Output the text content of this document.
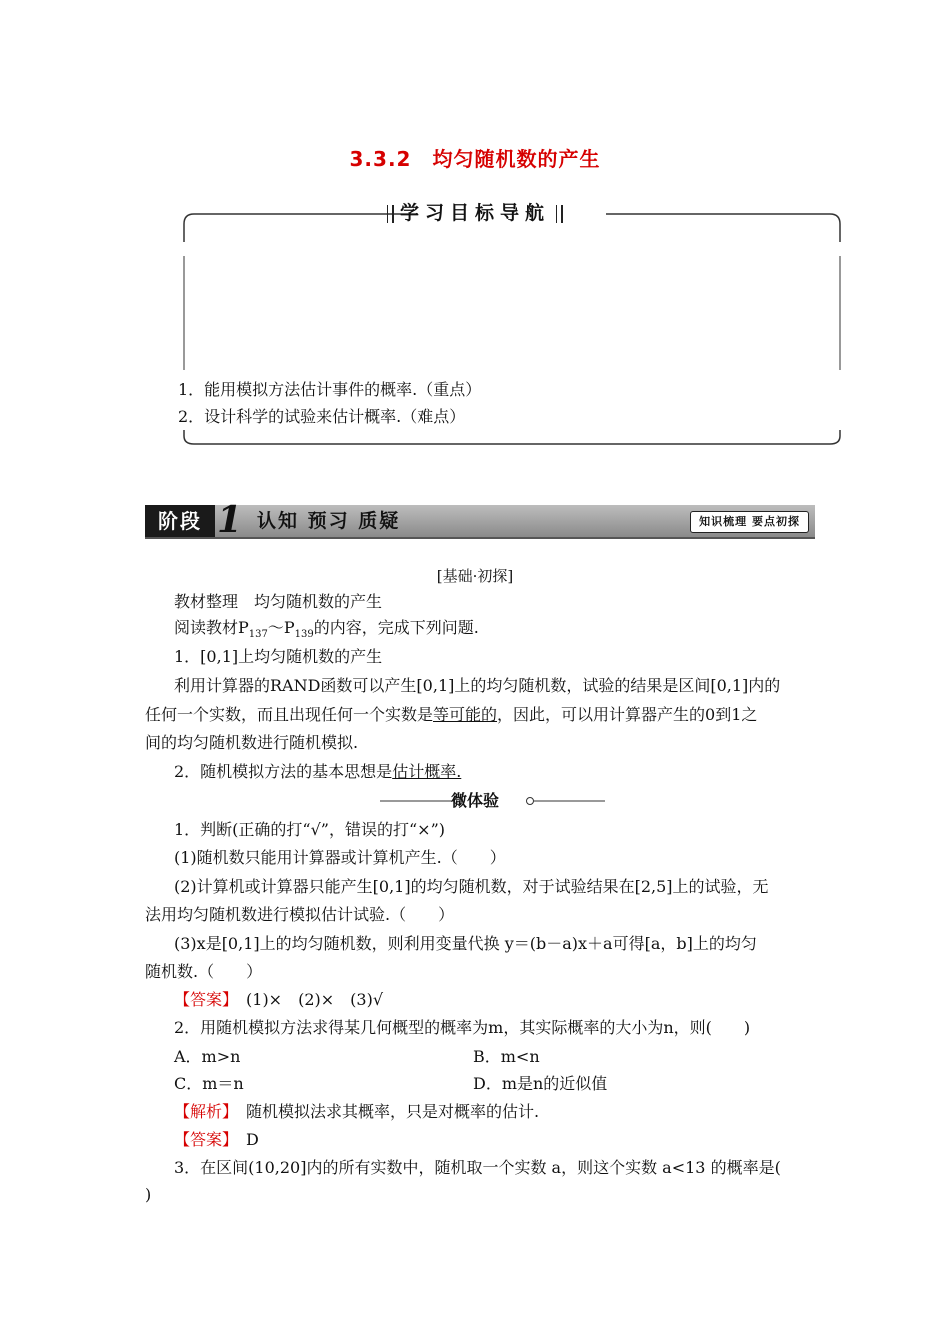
3.3.2　均匀随机数的产生
学习目标导航
1．能用模拟方法估计事件的概率.（重点）
2．设计科学的试验来估计概率.（难点）
阶段 1 认知 预习 质疑	知识梳理 要点初探
[基础·初探]
教材整理　均匀随机数的产生
阅读教材$P_{137}\sim P_{139}$的内容，完成下列问题.
1．[0,1]上均匀随机数的产生
利用计算器的RAND函数可以产生[0,1]上的均匀随机数，试验的结果是区间[0,1]内的
任何一个实数，而且出现任何一个实数是等可能的，因此，可以用计算器产生的0到1之
间的均匀随机数进行随机模拟.
2．随机模拟方法的基本思想是估计概率.
微体验
1．判断(正确的打“√”，错误的打“×”)
(1)随机数只能用计算器或计算机产生.（　　）
(2)计算机或计算器只能产生[0,1]的均匀随机数，对于试验结果在[2,5]上的试验，无
法用均匀随机数进行模拟估计试验.（　　）
(3)x是[0,1]上的均匀随机数，则利用变量代换 y＝(b－a)x＋a可得[a，b]上的均匀
随机数.（　　）
【答案】　(1)×　(2)×　(3)√
2．用随机模拟方法求得某几何概型的概率为m，其实际概率的大小为n，则(　　)
A．m>n	B．m<n
C．m＝n	D．m是n的近似值
【解析】　随机模拟法求其概率，只是对概率的估计.
【答案】　D
3．在区间(10,20]内的所有实数中，随机取一个实数 a，则这个实数 a<13 的概率是(
)
